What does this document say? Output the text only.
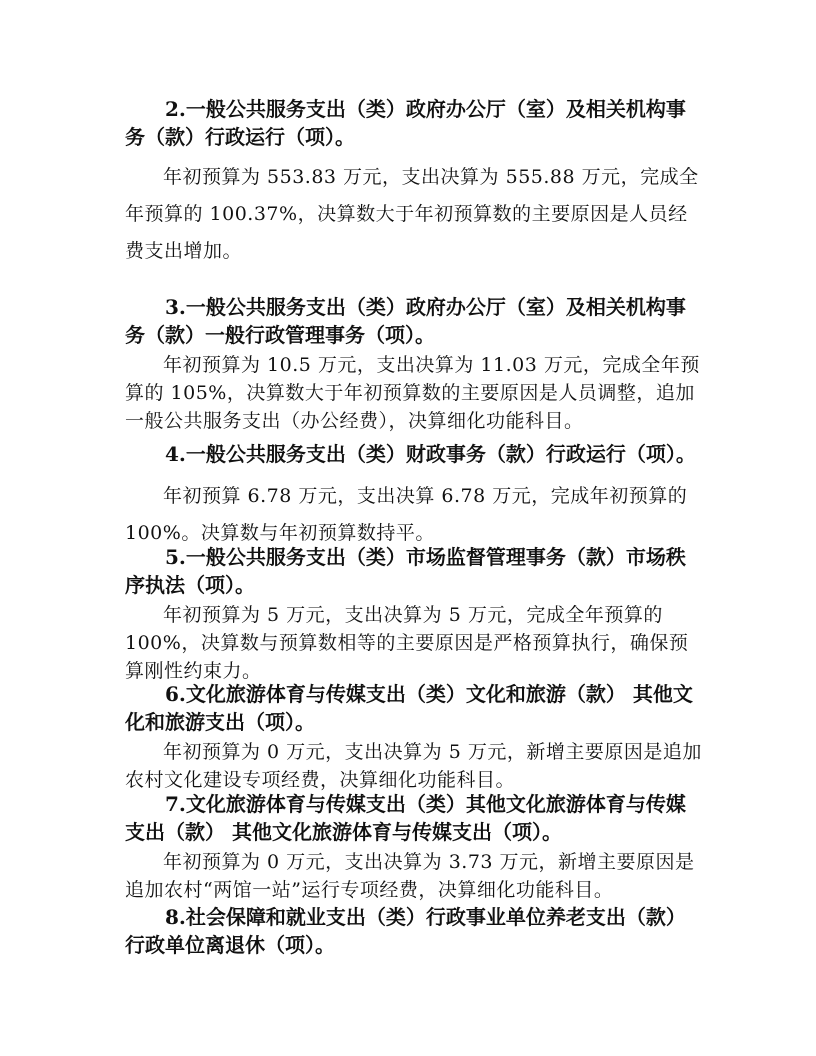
2.一般公共服务支出（类）政府办公厅（室）及相关机构事务（款）行政运行（项）。

年初预算为 553.83 万元，支出决算为 555.88 万元，完成全年预算的 100.37%，决算数大于年初预算数的主要原因是人员经费支出增加。

3.一般公共服务支出（类）政府办公厅（室）及相关机构事务（款）一般行政管理事务（项）。

年初预算为 10.5 万元，支出决算为 11.03 万元，完成全年预算的 105%，决算数大于年初预算数的主要原因是人员调整，追加一般公共服务支出（办公经费），决算细化功能科目。

4.一般公共服务支出（类）财政事务（款）行政运行（项）。

年初预算 6.78 万元，支出决算 6.78 万元，完成年初预算的 100%。决算数与年初预算数持平。

5.一般公共服务支出（类）市场监督管理事务（款）市场秩序执法（项）。

年初预算为 5 万元，支出决算为 5 万元，完成全年预算的 100%，决算数与预算数相等的主要原因是严格预算执行，确保预算刚性约束力。

6.文化旅游体育与传媒支出（类）文化和旅游（款） 其他文化和旅游支出（项）。

年初预算为 0 万元，支出决算为 5 万元，新增主要原因是追加农村文化建设专项经费，决算细化功能科目。

7.文化旅游体育与传媒支出（类）其他文化旅游体育与传媒支出（款） 其他文化旅游体育与传媒支出（项）。

年初预算为 0 万元，支出决算为 3.73 万元，新增主要原因是追加农村“两馆一站”运行专项经费，决算细化功能科目。

8.社会保障和就业支出（类）行政事业单位养老支出（款）行政单位离退休（项）。
